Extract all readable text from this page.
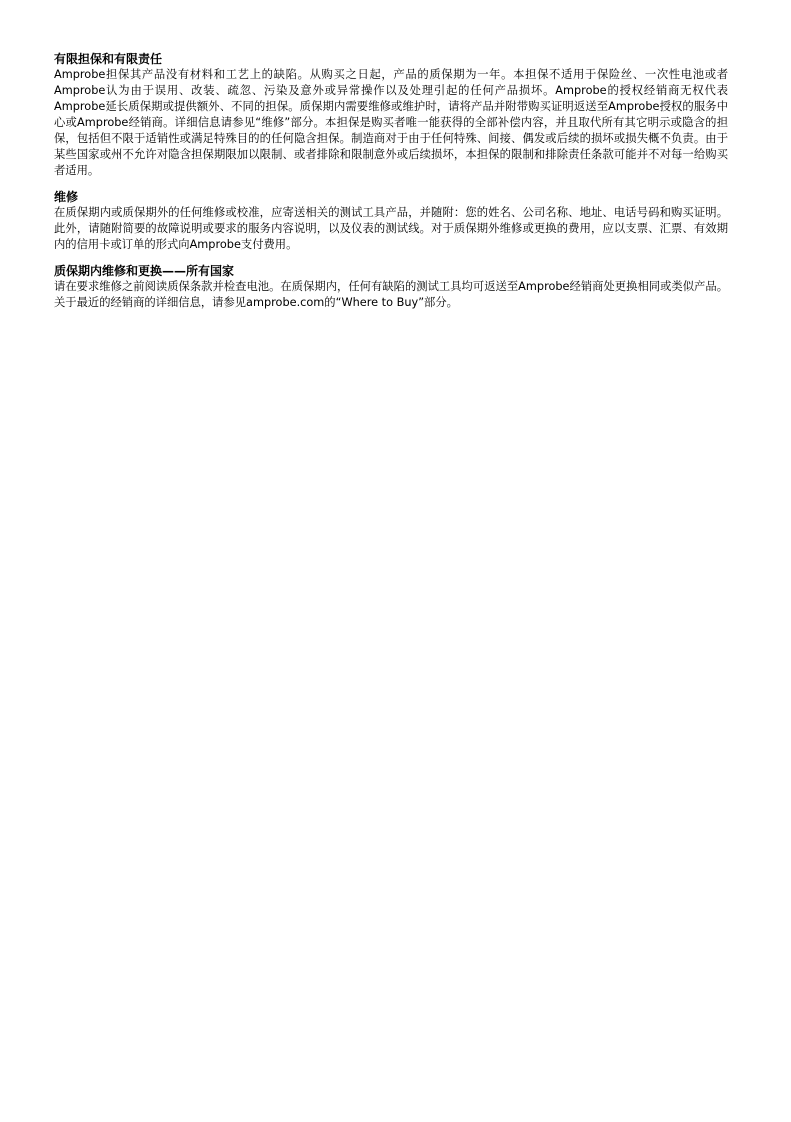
有限担保和有限责任

Amprobe担保其产品没有材料和工艺上的缺陷。从购买之日起，产品的质保期为一年。本担保不适用于保险丝、一次性电池或者Amprobe认为由于误用、改装、疏忽、污染及意外或异常操作以及处理引起的任何产品损坏。Amprobe的授权经销商无权代表Amprobe延长质保期或提供额外、不同的担保。质保期内需要维修或维护时，请将产品并附带购买证明返送至Amprobe授权的服务中心或Amprobe经销商。详细信息请参见“维修”部分。本担保是购买者唯一能获得的全部补偿内容，并且取代所有其它明示或隐含的担保，包括但不限于适销性或满足特殊目的的任何隐含担保。制造商对于由于任何特殊、间接、偶发或后续的损坏或损失概不负责。由于某些国家或州不允许对隐含担保期限加以限制、或者排除和限制意外或后续损坏，本担保的限制和排除责任条款可能并不对每一给购买者适用。

维修

在质保期内或质保期外的任何维修或校准，应寄送相关的测试工具产品，并随附：您的姓名、公司名称、地址、电话号码和购买证明。此外，请随附简要的故障说明或要求的服务内容说明，以及仪表的测试线。对于质保期外维修或更换的费用，应以支票、汇票、有效期内的信用卡或订单的形式向Amprobe支付费用。

质保期内维修和更换——所有国家

请在要求维修之前阅读质保条款并检查电池。在质保期内，任何有缺陷的测试工具均可返送至Amprobe经销商处更换相同或类似产品。关于最近的经销商的详细信息，请参见amprobe.com的“Where to Buy”部分。
